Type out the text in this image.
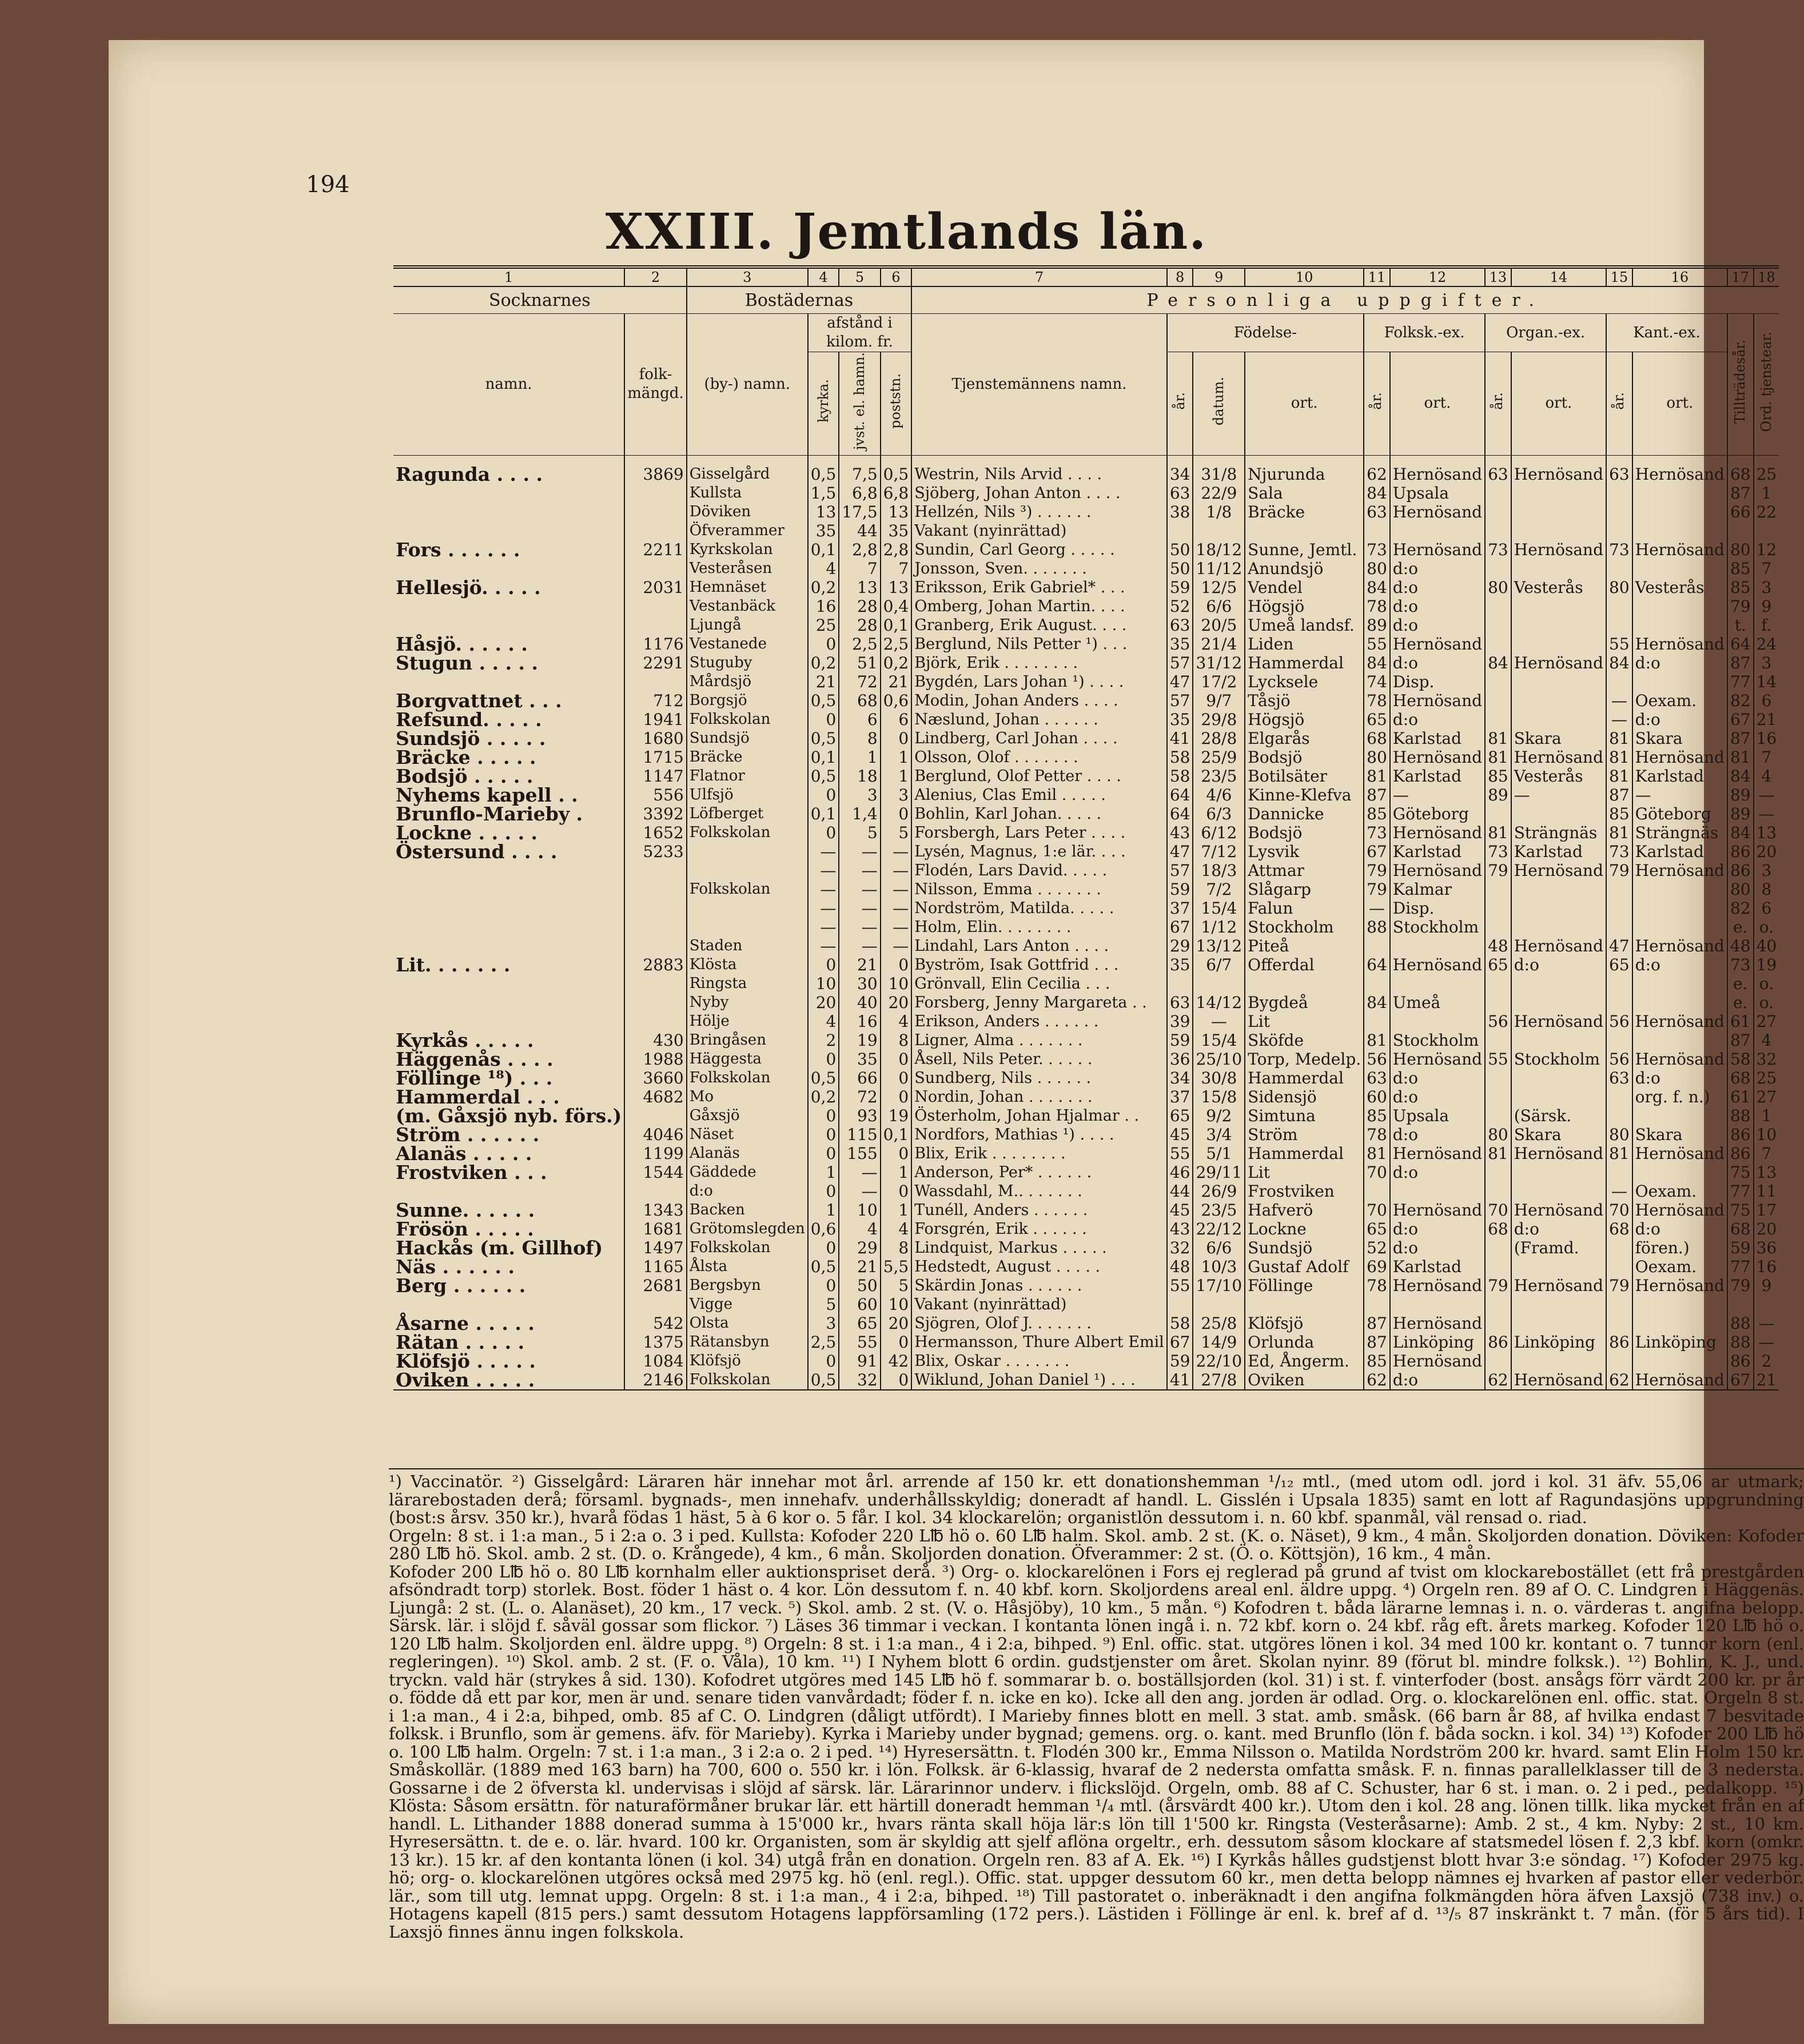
194
XXIII. Jemtlands län.
1	2	3	4	5	6	7	8	9	10	11	12	13	14	15	16	17	18
Socknarnes		Bostädernas				Personliga uppgifter.											
namn.	folk-mängd.	(by-) namn.	afstånd i kilom. fr.			Tjenstemännens namn.	Födelse-			Folksk.-ex.		Organ.-ex.		Kant.-ex.		Tillträdesår.	Ord. tjenstear.
			kyrka.	jvst. el. hamn.	poststn.		år.	datum.	ort.	år.	ort.	år.	ort.	år.	ort.		
Ragunda . . . .	3869	Gisselgård	0,5	7,5	0,5	Westrin, Nils Arvid . . . .	34	31/8	Njurunda	62	Hernösand	63	Hernösand	63	Hernösand	68	25
		Kullsta	1,5	6,8	6,8	Sjöberg, Johan Anton . . . .	63	22/9	Sala	84	Upsala					87	1
		Döviken	13	17,5	13	Hellzén, Nils ³) . . . . . .	38	1/8	Bräcke	63	Hernösand					66	22
		Öfverammer	35	44	35	Vakant (nyinrättad)											
Fors . . . . . .	2211	Kyrkskolan	0,1	2,8	2,8	Sundin, Carl Georg . . . . .	50	18/12	Sunne, Jemtl.	73	Hernösand	73	Hernösand	73	Hernösand	80	12
		Vesteråsen	4	7	7	Jonsson, Sven. . . . . . .	50	11/12	Anundsjö	80	d:o					85	7
Hellesjö. . . . .	2031	Hemnäset	0,2	13	13	Eriksson, Erik Gabriel* . . .	59	12/5	Vendel	84	d:o	80	Vesterås	80	Vesterås	85	3
		Vestanbäck	16	28	0,4	Omberg, Johan Martin. . . .	52	6/6	Högsjö	78	d:o					79	9
		Ljungå	25	28	0,1	Granberg, Erik August. . . .	63	20/5	Umeå landsf.	89	d:o					t.	f.
Håsjö. . . . . .	1176	Vestanede	0	2,5	2,5	Berglund, Nils Petter ¹) . . .	35	21/4	Liden	55	Hernösand			55	Hernösand	64	24
Stugun . . . . .	2291	Stuguby	0,2	51	0,2	Björk, Erik . . . . . . . .	57	31/12	Hammerdal	84	d:o	84	Hernösand	84	d:o	87	3
		Mårdsjö	21	72	21	Bygdén, Lars Johan ¹) . . . .	47	17/2	Lycksele	74	Disp.					77	14
Borgvattnet . . .	712	Borgsjö	0,5	68	0,6	Modin, Johan Anders . . . .	57	9/7	Tåsjö	78	Hernösand			—	Oexam.	82	6
Refsund. . . . .	1941	Folkskolan	0	6	6	Næslund, Johan . . . . . .	35	29/8	Högsjö	65	d:o			—	d:o	67	21
Sundsjö . . . . .	1680	Sundsjö	0,5	8	0	Lindberg, Carl Johan . . . .	41	28/8	Elgarås	68	Karlstad	81	Skara	81	Skara	87	16
Bräcke . . . . .	1715	Bräcke	0,1	1	1	Olsson, Olof . . . . . . .	58	25/9	Bodsjö	80	Hernösand	81	Hernösand	81	Hernösand	81	7
Bodsjö . . . . .	1147	Flatnor	0,5	18	1	Berglund, Olof Petter . . . .	58	23/5	Botilsäter	81	Karlstad	85	Vesterås	81	Karlstad	84	4
Nyhems kapell . .	556	Ulfsjö	0	3	3	Alenius, Clas Emil . . . . .	64	4/6	Kinne-Klefva	87	—	89	—	87	—	89	—
Brunflo-Marieby .	3392	Löfberget	0,1	1,4	0	Bohlin, Karl Johan. . . . .	64	6/3	Dannicke	85	Göteborg			85	Göteborg	89	—
Lockne . . . . .	1652	Folkskolan	0	5	5	Forsbergh, Lars Peter . . . .	43	6/12	Bodsjö	73	Hernösand	81	Strängnäs	81	Strängnäs	84	13
Östersund . . . .	5233		—	—	—	Lysén, Magnus, 1:e lär. . . .	47	7/12	Lysvik	67	Karlstad	73	Karlstad	73	Karlstad	86	20
			—	—	—	Flodén, Lars David. . . . .	57	18/3	Attmar	79	Hernösand	79	Hernösand	79	Hernösand	86	3
		Folkskolan	—	—	—	Nilsson, Emma . . . . . . .	59	7/2	Slågarp	79	Kalmar					80	8
			—	—	—	Nordström, Matilda. . . . .	37	15/4	Falun	—	Disp.					82	6
			—	—	—	Holm, Elin. . . . . . . .	67	1/12	Stockholm	88	Stockholm					e.	o.
		Staden	—	—	—	Lindahl, Lars Anton . . . .	29	13/12	Piteå			48	Hernösand	47	Hernösand	48	40
Lit. . . . . . .	2883	Klösta	0	21	0	Byström, Isak Gottfrid . . .	35	6/7	Offerdal	64	Hernösand	65	d:o	65	d:o	73	19
		Ringsta	10	30	10	Grönvall, Elin Cecilia . . .										e.	o.
		Nyby	20	40	20	Forsberg, Jenny Margareta . .	63	14/12	Bygdeå	84	Umeå					e.	o.
		Hölje	4	16	4	Erikson, Anders . . . . . .	39	—	Lit			56	Hernösand	56	Hernösand	61	27
Kyrkås . . . . .	430	Bringåsen	2	19	8	Ligner, Alma . . . . . . .	59	15/4	Sköfde	81	Stockholm					87	4
Häggenås . . . .	1988	Häggesta	0	35	0	Åsell, Nils Peter. . . . . .	36	25/10	Torp, Medelp.	56	Hernösand	55	Stockholm	56	Hernösand	58	32
Föllinge ¹⁸) . . .	3660	Folkskolan	0,5	66	0	Sundberg, Nils . . . . . .	34	30/8	Hammerdal	63	d:o			63	d:o	68	25
Hammerdal . . .	4682	Mo	0,2	72	0	Nordin, Johan . . . . . . .	37	15/8	Sidensjö	60	d:o				org. f. n.)	61	27
(m. Gåxsjö nyb. förs.)		Gåxsjö	0	93	19	Österholm, Johan Hjalmar . .	65	9/2	Simtuna	85	Upsala		(Särsk.			88	1
Ström . . . . . .	4046	Näset	0	115	0,1	Nordfors, Mathias ¹) . . . .	45	3/4	Ström	78	d:o	80	Skara	80	Skara	86	10
Alanäs . . . . .	1199	Alanäs	0	155	0	Blix, Erik . . . . . . . .	55	5/1	Hammerdal	81	Hernösand	81	Hernösand	81	Hernösand	86	7
Frostviken . . .	1544	Gäddede	1	—	1	Anderson, Per* . . . . . .	46	29/11	Lit	70	d:o					75	13
		d:o	0	—	0	Wassdahl, M.. . . . . . .	44	26/9	Frostviken					—	Oexam.	77	11
Sunne. . . . . .	1343	Backen	1	10	1	Tunéll, Anders . . . . . .	45	23/5	Hafverö	70	Hernösand	70	Hernösand	70	Hernösand	75	17
Frösön . . . . .	1681	Grötomslegden	0,6	4	4	Forsgrén, Erik . . . . . .	43	22/12	Lockne	65	d:o	68	d:o	68	d:o	68	20
Hackås (m. Gillhof)	1497	Folkskolan	0	29	8	Lindquist, Markus . . . . .	32	6/6	Sundsjö	52	d:o		(Framd.		fören.)	59	36
Näs . . . . . .	1165	Ålsta	0,5	21	5,5	Hedstedt, August . . . . .	48	10/3	Gustaf Adolf	69	Karlstad				Oexam.	77	16
Berg . . . . . .	2681	Bergsbyn	0	50	5	Skärdin Jonas . . . . . .	55	17/10	Föllinge	78	Hernösand	79	Hernösand	79	Hernösand	79	9
		Vigge	5	60	10	Vakant (nyinrättad)											
Åsarne . . . . .	542	Olsta	3	65	20	Sjögren, Olof J. . . . . . .	58	25/8	Klöfsjö	87	Hernösand					88	—
Rätan . . . . .	1375	Rätansbyn	2,5	55	0	Hermansson, Thure Albert Emil	67	14/9	Orlunda	87	Linköping	86	Linköping	86	Linköping	88	—
Klöfsjö . . . . .	1084	Klöfsjö	0	91	42	Blix, Oskar . . . . . . .	59	22/10	Ed, Ångerm.	85	Hernösand					86	2
Oviken . . . . .	2146	Folkskolan	0,5	32	0	Wiklund, Johan Daniel ¹) . . .	41	27/8	Oviken	62	d:o	62	Hernösand	62	Hernösand	67	21
¹) Vaccinatör. ²) Gisselgård: Läraren här innehar mot årl. arrende af 150 kr. ett donationshemman ¹/₁₂ mtl., (med utom odl. jord i kol. 31 äfv. 55,06 ar utmark; lärarebostaden derå; församl. bygnads-, men innehafv. underhållsskyldig; doneradt af handl. L. Gisslén i Upsala 1835) samt en lott af Ragundasjöns uppgrundning (bost:s årsv. 350 kr.), hvarå födas 1 häst, 5 à 6 kor o. 5 får. I kol. 34 klockarelön; organistlön dessutom i. n. 60 kbf. spanmål, väl rensad o. riad.
Orgeln: 8 st. i 1:a man., 5 i 2:a o. 3 i ped. Kullsta: Kofoder 220 L℔ hö o. 60 L℔ halm. Skol. amb. 2 st. (K. o. Näset), 9 km., 4 mån. Skoljorden donation. Döviken: Kofoder 280 L℔ hö. Skol. amb. 2 st. (D. o. Krångede), 4 km., 6 mån. Skoljorden donation. Öfverammer: 2 st. (Ö. o. Köttsjön), 16 km., 4 mån.
Kofoder 200 L℔ hö o. 80 L℔ kornhalm eller auktionspriset derå. ³) Org- o. klockarelönen i Fors ej reglerad på grund af tvist om klockarebostället (ett frå prestgården afsöndradt torp) storlek. Bost. föder 1 häst o. 4 kor. Lön dessutom f. n. 40 kbf. korn. Skoljordens areal enl. äldre uppg. ⁴) Orgeln ren. 89 af O. C. Lindgren i Häggenäs. Ljungå: 2 st. (L. o. Alanäset), 20 km., 17 veck. ⁵) Skol. amb. 2 st. (V. o. Håsjöby), 10 km., 5 mån. ⁶) Kofodren t. båda lärarne lemnas i. n. o. värderas t. angifna belopp. Särsk. lär. i slöjd f. såväl gossar som flickor. ⁷) Läses 36 timmar i veckan. I kontanta lönen ingå i. n. 72 kbf. korn o. 24 kbf. råg eft. årets markeg. Kofoder 120 L℔ hö o. 120 L℔ halm. Skoljorden enl. äldre uppg. ⁸) Orgeln: 8 st. i 1:a man., 4 i 2:a, bihped. ⁹) Enl. offic. stat. utgöres lönen i kol. 34 med 100 kr. kontant o. 7 tunnor korn (enl. regleringen). ¹⁰) Skol. amb. 2 st. (F. o. Våla), 10 km. ¹¹) I Nyhem blott 6 ordin. gudstjenster om året. Skolan nyinr. 89 (förut bl. mindre folksk.). ¹²) Bohlin, K. J., und. tryckn. vald här (strykes å sid. 130). Kofodret utgöres med 145 L℔ hö f. sommarar b. o. boställsjorden (kol. 31) i st. f. vinterfoder (bost. ansågs förr värdt 200 kr. pr år o. födde då ett par kor, men är und. senare tiden vanvårdadt; föder f. n. icke en ko). Icke all den ang. jorden är odlad. Org. o. klockarelönen enl. offic. stat. Orgeln 8 st. i 1:a man., 4 i 2:a, bihped, omb. 85 af C. O. Lindgren (dåligt utfördt). I Marieby finnes blott en mell. 3 stat. amb. småsk. (66 barn år 88, af hvilka endast 7 besvitade folksk. i Brunflo, som är gemens. äfv. för Marieby). Kyrka i Marieby under bygnad; gemens. org. o. kant. med Brunflo (lön f. båda sockn. i kol. 34) ¹³) Kofoder 200 L℔ hö o. 100 L℔ halm. Orgeln: 7 st. i 1:a man., 3 i 2:a o. 2 i ped. ¹⁴) Hyresersättn. t. Flodén 300 kr., Emma Nilsson o. Matilda Nordström 200 kr. hvard. samt Elin Holm 150 kr. Småskollär. (1889 med 163 barn) ha 700, 600 o. 550 kr. i lön. Folksk. är 6-klassig, hvaraf de 2 nedersta omfatta småsk. F. n. finnas parallelklasser till de 3 nedersta. Gossarne i de 2 öfversta kl. undervisas i slöjd af särsk. lär. Lärarinnor underv. i flickslöjd. Orgeln, omb. 88 af C. Schuster, har 6 st. i man. o. 2 i ped., pedalkopp. ¹⁵) Klösta: Såsom ersättn. för naturaförmåner brukar lär. ett härtill doneradt hemman ¹/₄ mtl. (årsvärdt 400 kr.). Utom den i kol. 28 ang. lönen tillk. lika mycket från en af handl. L. Lithander 1888 donerad summa à 15'000 kr., hvars ränta skall höja lär:s lön till 1'500 kr. Ringsta (Vesteråsarne): Amb. 2 st., 4 km. Nyby: 2 st., 10 km. Hyresersättn. t. de e. o. lär. hvard. 100 kr. Organisten, som är skyldig att sjelf aflöna orgeltr., erh. dessutom såsom klockare af statsmedel lösen f. 2,3 kbf. korn (omkr. 13 kr.). 15 kr. af den kontanta lönen (i kol. 34) utgå från en donation. Orgeln ren. 83 af A. Ek. ¹⁶) I Kyrkås hålles gudstjenst blott hvar 3:e söndag. ¹⁷) Kofoder 2975 kg. hö; org- o. klockarelönen utgöres också med 2975 kg. hö (enl. regl.). Offic. stat. uppger dessutom 60 kr., men detta belopp nämnes ej hvarken af pastor eller vederbör. lär., som till utg. lemnat uppg. Orgeln: 8 st. i 1:a man., 4 i 2:a, bihped. ¹⁸) Till pastoratet o. inberäknadt i den angifna folkmängden höra äfven Laxsjö (738 inv.) o. Hotagens kapell (815 pers.) samt dessutom Hotagens lappförsamling (172 pers.). Lästiden i Föllinge är enl. k. bref af d. ¹³/₅ 87 inskränkt t. 7 mån. (för 5 års tid). I Laxsjö finnes ännu ingen folkskola.
